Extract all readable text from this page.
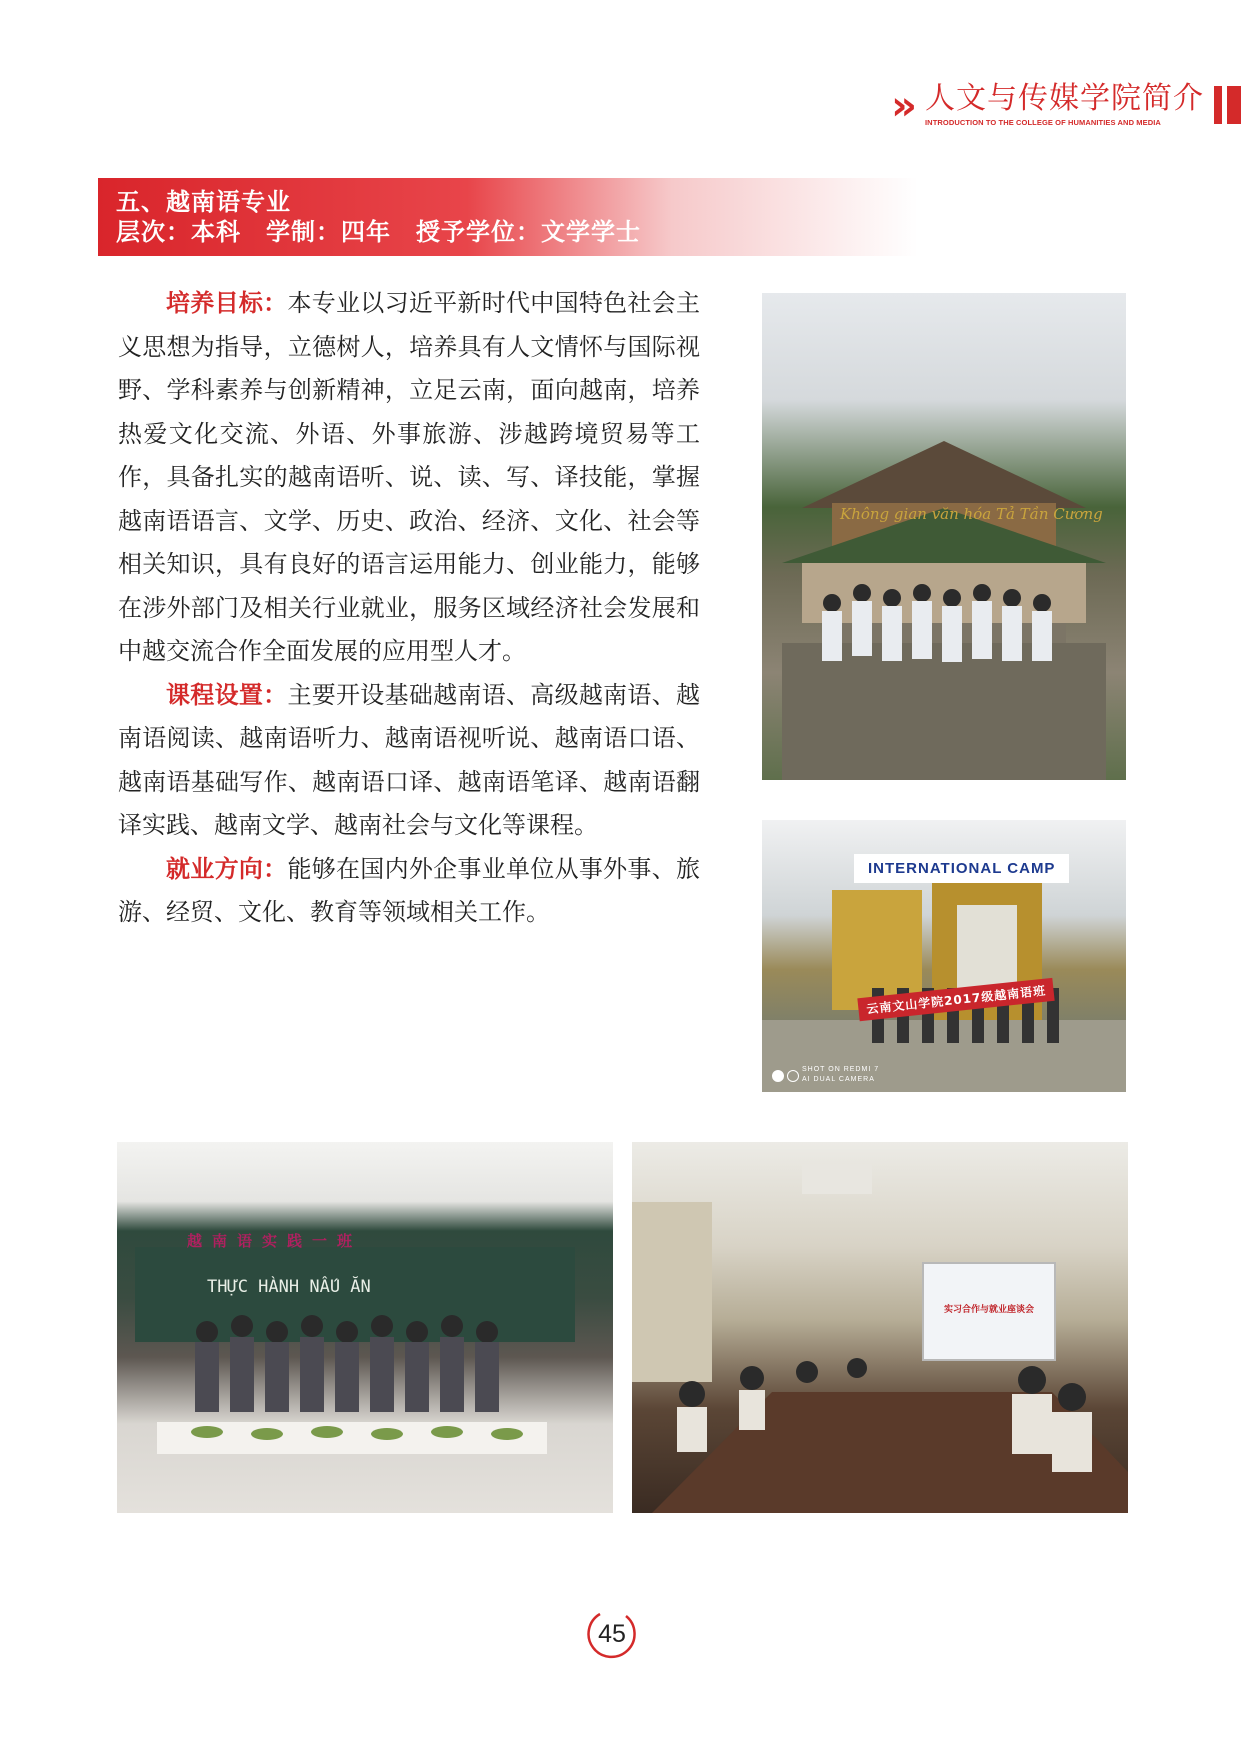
» 人文与传媒学院简介
INTRODUCTION TO THE COLLEGE OF HUMANITIES AND MEDIA
五、越南语专业
层次：本科　学制：四年　授予学位：文学学士

培养目标：本专业以习近平新时代中国特色社会主义思想为指导，立德树人，培养具有人文情怀与国际视野、学科素养与创新精神，立足云南，面向越南，培养热爱文化交流、外语、外事旅游、涉越跨境贸易等工作，具备扎实的越南语听、说、读、写、译技能，掌握越南语语言、文学、历史、政治、经济、文化、社会等相关知识，具有良好的语言运用能力、创业能力，能够在涉外部门及相关行业就业，服务区域经济社会发展和中越交流合作全面发展的应用型人才。

课程设置：主要开设基础越南语、高级越南语、越南语阅读、越南语听力、越南语视听说、越南语口语、越南语基础写作、越南语口译、越南语笔译、越南语翻译实践、越南文学、越南社会与文化等课程。

就业方向：能够在国内外企事业单位从事外事、旅游、经贸、文化、教育等领域相关工作。

Không gian văn hóa Tả Tần Cương
INTERNATIONAL CAMP
云南文山学院2017级越南语班
SHOT ON REDMI 7
AI DUAL CAMERA
越南语实践一班
THỰC HÀNH NẤU ĂN
实习合作与就业座谈会
45
